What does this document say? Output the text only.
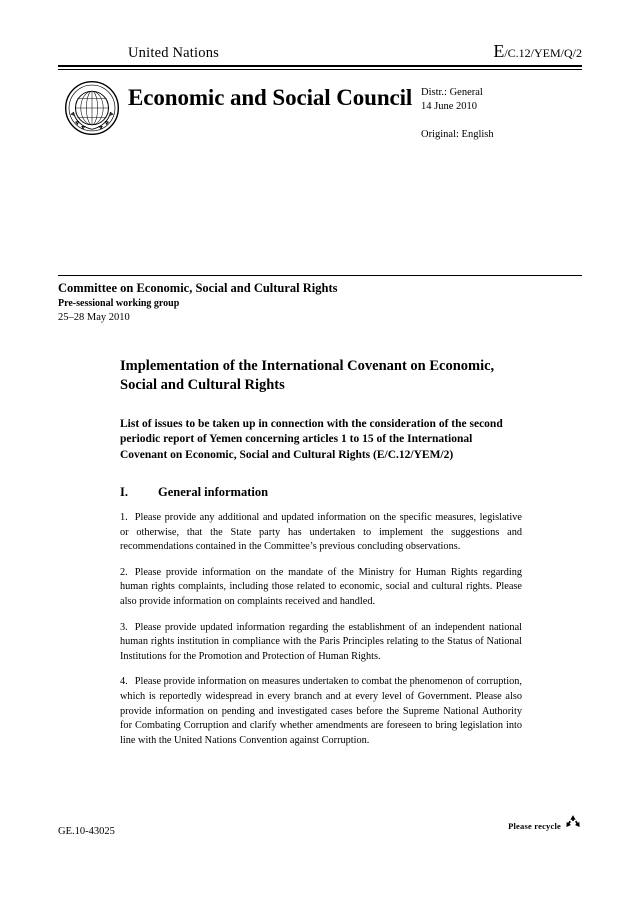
United Nations	E/C.12/YEM/Q/2
Economic and Social Council Distr.: General
14 June 2010
Original: English
Committee on Economic, Social and Cultural Rights
Pre-sessional working group
25–28 May 2010
Implementation of the International Covenant on Economic, Social and Cultural Rights
List of issues to be taken up in connection with the consideration of the second periodic report of Yemen concerning articles 1 to 15 of the International Covenant on Economic, Social and Cultural Rights (E/C.12/YEM/2)
I.	General information

1. Please provide any additional and updated information on the specific measures, legislative or otherwise, that the State party has undertaken to implement the suggestions and recommendations contained in the Committee’s previous concluding observations.

2. Please provide information on the mandate of the Ministry for Human Rights regarding human rights complaints, including those related to economic, social and cultural rights. Please also provide information on complaints received and handled.

3. Please provide updated information regarding the establishment of an independent national human rights institution in compliance with the Paris Principles relating to the Status of National Institutions for the Promotion and Protection of Human Rights.

4. Please provide information on measures undertaken to combat the phenomenon of corruption, which is reportedly widespread in every branch and at every level of Government. Please also provide information on pending and investigated cases before the Supreme National Authority for Combating Corruption and clarify whether amendments are foreseen to bring legislation into line with the United Nations Convention against Corruption.

GE.10-43025
Please recycle
